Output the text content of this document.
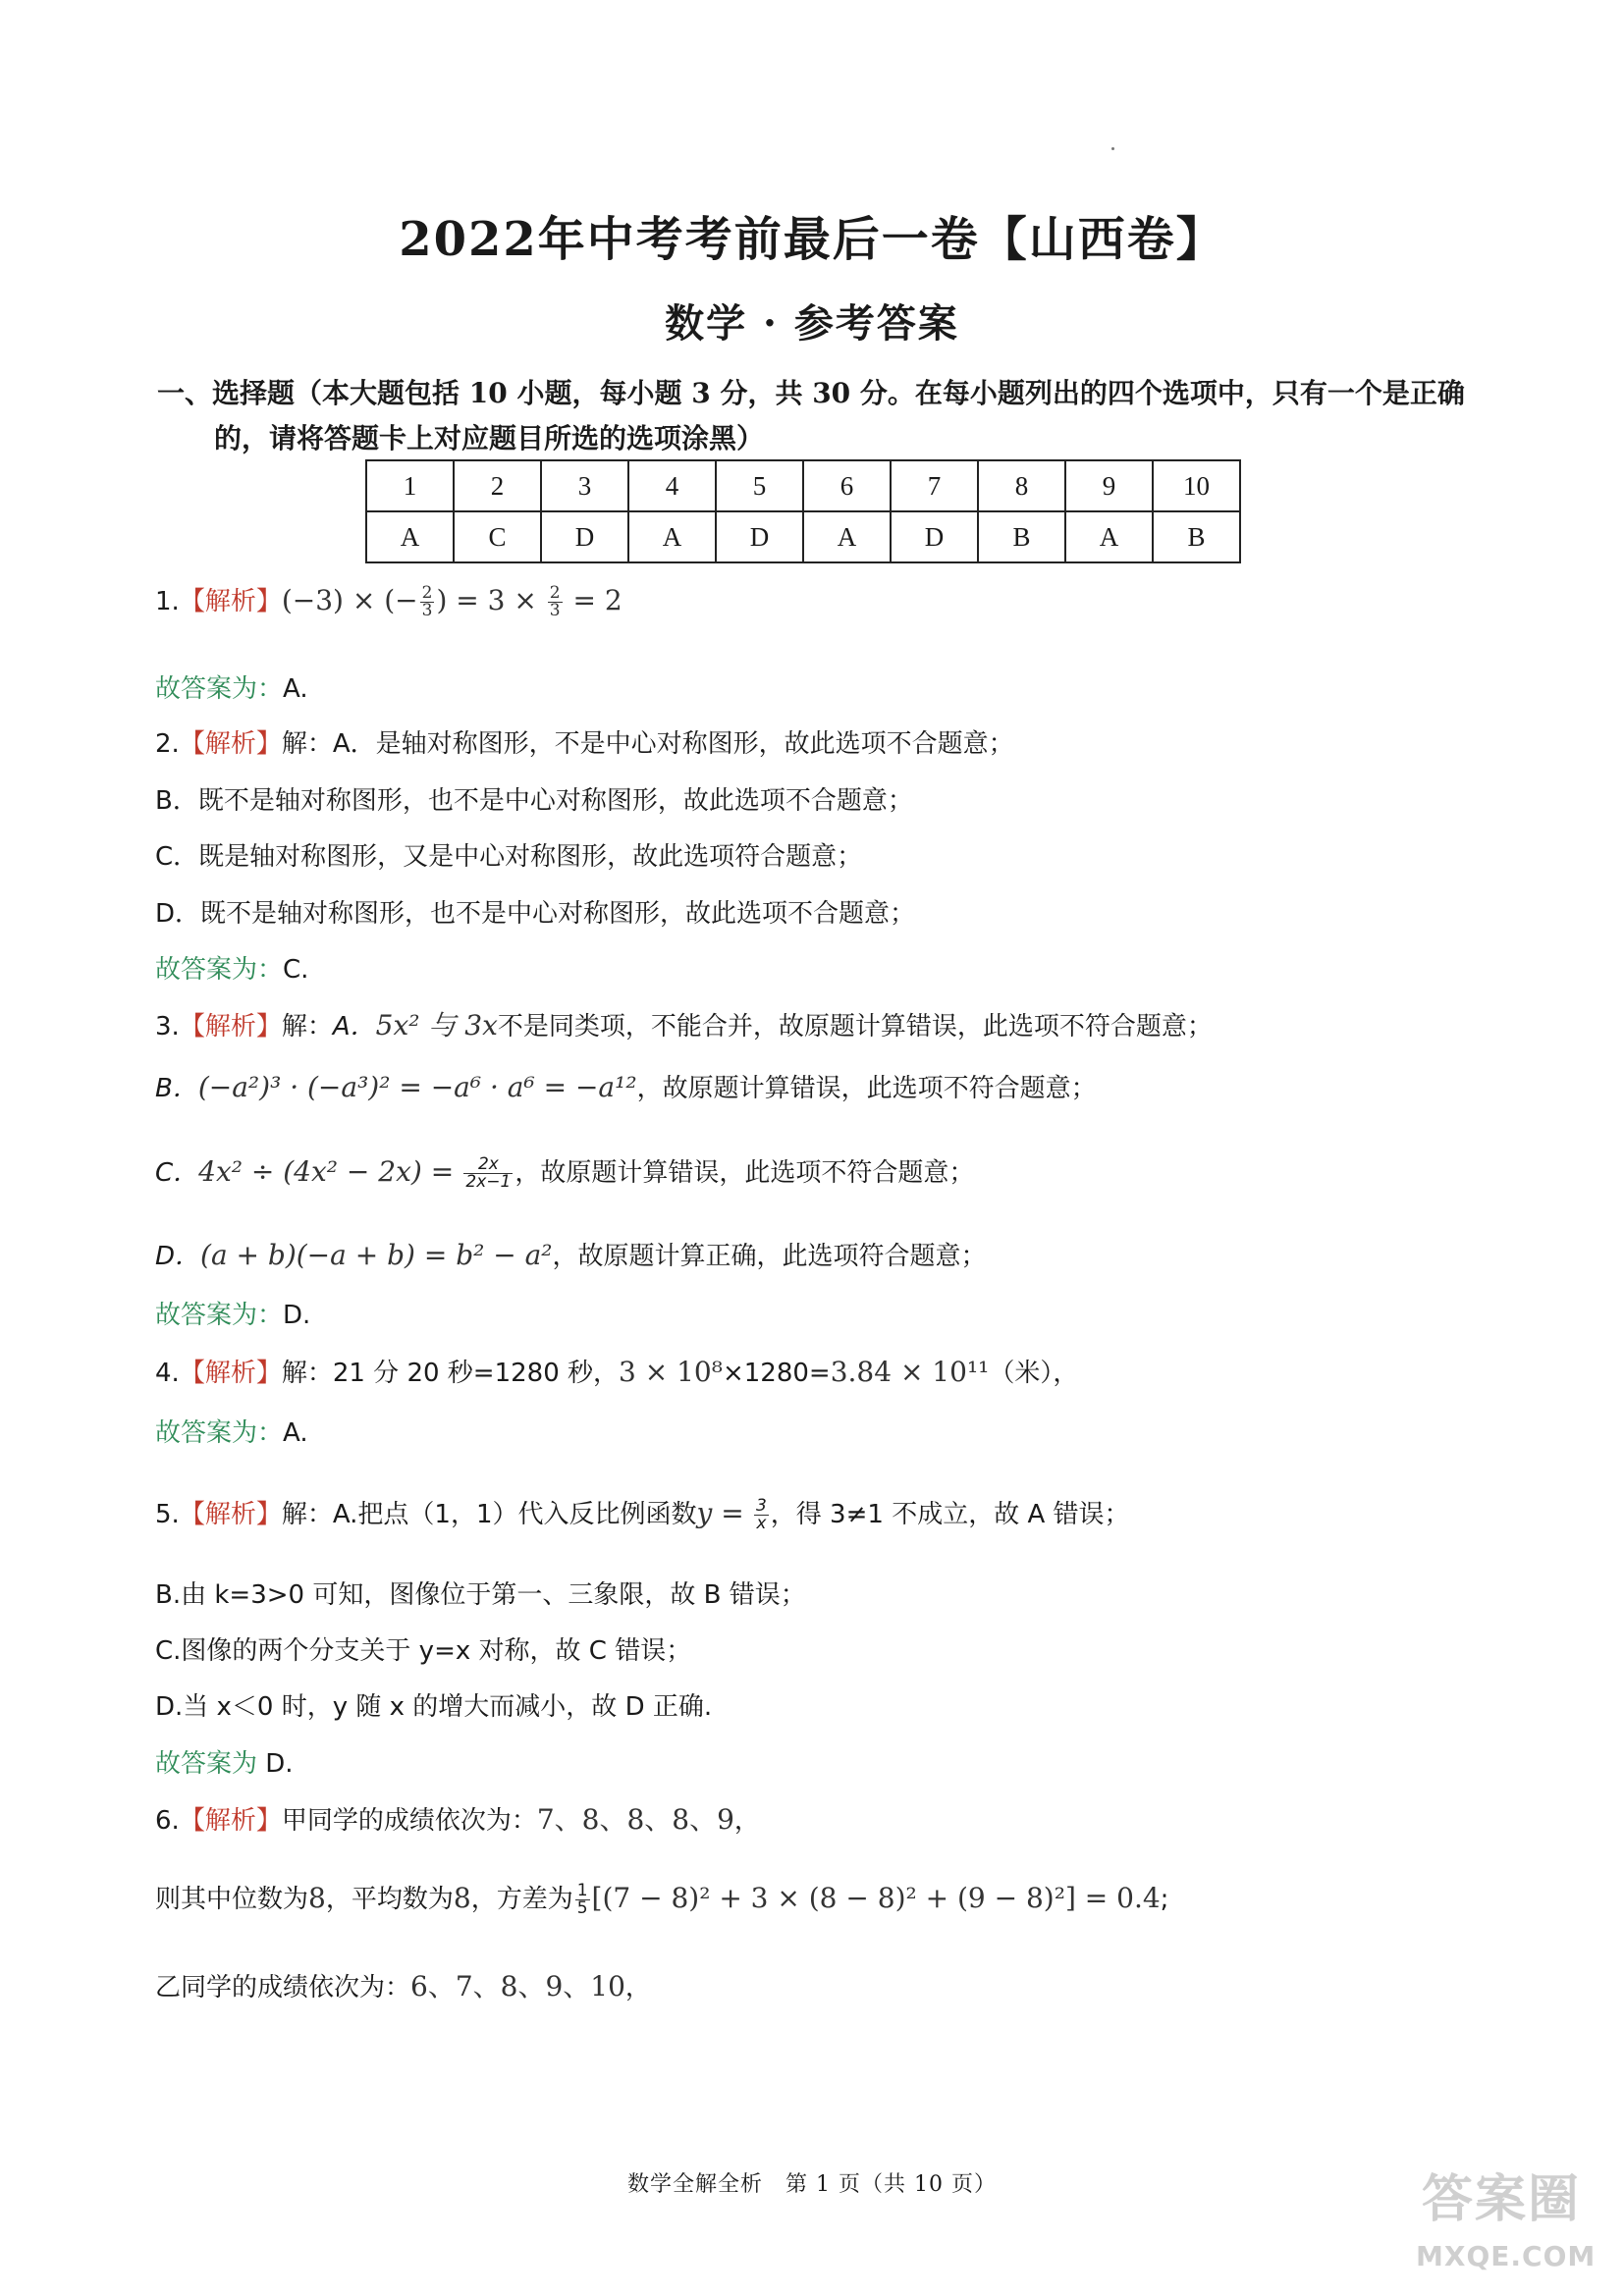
2022年中考考前最后一卷【山西卷】
数学 · 参考答案
一、选择题（本大题包括 10 小题，每小题 3 分，共 30 分。在每小题列出的四个选项中，只有一个是正确
的，请将答题卡上对应题目所选的选项涂黑）
1	2	3	4	5	6	7	8	9	10
A	C	D	A	D	A	D	B	A	B
1.【解析】(−3) × (− $\frac{2}{3}$ ) = $3 \times \frac{2}{3} = 2$
故答案为：A.
2.【解析】解：A．是轴对称图形，不是中心对称图形，故此选项不合题意；
B．既不是轴对称图形，也不是中心对称图形，故此选项不合题意；
C．既是轴对称图形，又是中心对称图形，故此选项符合题意；
D．既不是轴对称图形，也不是中心对称图形，故此选项不合题意；
故答案为：C.
3.【解析】解：A．5x² 与 3x不是同类项，不能合并，故原题计算错误，此选项不符合题意；
B．(−a²)³ · (−a³)² = −a⁶ · a⁶ = −a¹²，故原题计算错误，此选项不符合题意；
C．$4x^2 \div (4x^2 - 2x) = \frac{2x}{2x-1}$ ，故原题计算错误，此选项不符合题意；
D．(a + b)(−a + b) = b² − a²，故原题计算正确，此选项符合题意；
故答案为：D.
4.【解析】解：21 分 20 秒=1280 秒，3 × 10⁸×1280=3.84 × 10¹¹（米），
故答案为：A.
5.【解析】解：A.把点（1，1）代入反比例函数$y = \frac{3}{x}$ ，得 3≠1 不成立，故 A 错误；
B.由 k=3>0 可知，图像位于第一、三象限，故 B 错误；
C.图像的两个分支关于 y=x 对称，故 C 错误；
D.当 x＜0 时，y 随 x 的增大而减小，故 D 正确.
故答案为 D.
6.【解析】甲同学的成绩依次为：7、8、8、8、9，
则其中位数为8，平均数为8，方差为 $\frac{1}{5} [(7 - 8)^2 + 3 \times (8 - 8)^2 + (9 - 8)^2] = 0.4$;
乙同学的成绩依次为：6、7、8、9、10，
数学全解全析　第 1 页（共 10 页）	答案圈
MXQE.COM
